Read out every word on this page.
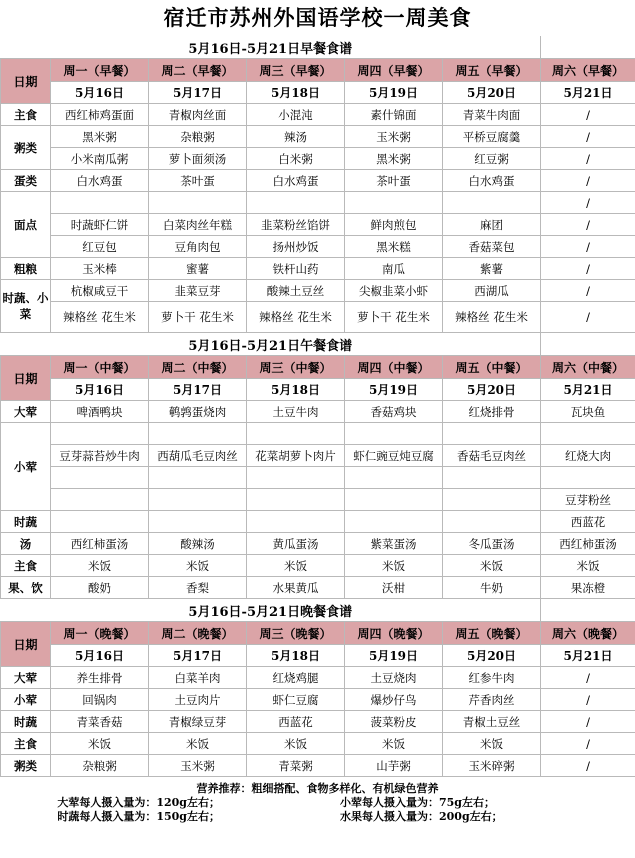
宿迁市苏州外国语学校一周美食
5月16日-5月21日早餐食谱						
日期	周一（早餐）	周二（早餐）	周三（早餐）	周四（早餐）	周五（早餐）	周六（早餐）
	5月16日	5月17日	5月18日	5月19日	5月20日	5月21日
主食	西红柿鸡蛋面	青椒肉丝面	小混沌	素什锦面	青菜牛肉面	/
粥类	黑米粥	杂粮粥	辣汤	玉米粥	平桥豆腐羹	/
	小米南瓜粥	萝卜面须汤	白米粥	黑米粥	红豆粥	/
蛋类	白水鸡蛋	茶叶蛋	白水鸡蛋	茶叶蛋	白水鸡蛋	/
面点						/
	时蔬虾仁饼	白菜肉丝年糕	韭菜粉丝馅饼	鲜肉煎包	麻团	/
	红豆包	豆角肉包	扬州炒饭	黑米糕	香菇菜包	/
粗粮	玉米棒	蜜薯	铁杆山药	南瓜	紫薯	/
时蔬、小菜	杭椒咸豆干	韭菜豆芽	酸辣土豆丝	尖椒韭菜小虾	西湖瓜	/
	辣格丝 花生米	萝卜干 花生米	辣格丝 花生米	萝卜干 花生米	辣格丝 花生米	/
5月16日-5月21日午餐食谱						
日期	周一（中餐）	周二（中餐）	周三（中餐）	周四（中餐）	周五（中餐）	周六（中餐）
	5月16日	5月17日	5月18日	5月19日	5月20日	5月21日
大荤	啤酒鸭块	鹌鹑蛋烧肉	土豆牛肉	香菇鸡块	红烧排骨	瓦块鱼
小荤						
	豆芽蒜苔炒牛肉	西葫瓜毛豆肉丝	花菜胡萝卜肉片	虾仁豌豆炖豆腐	香菇毛豆肉丝	红烧大肉

						豆芽粉丝
时蔬						西蓝花
汤	西红柿蛋汤	酸辣汤	黄瓜蛋汤	紫菜蛋汤	冬瓜蛋汤	西红柿蛋汤
主食	米饭	米饭	米饭	米饭	米饭	米饭
果、饮	酸奶	香梨	水果黄瓜	沃柑	牛奶	果冻橙
5月16日-5月21日晚餐食谱						
日期	周一（晚餐）	周二（晚餐）	周三（晚餐）	周四（晚餐）	周五（晚餐）	周六（晚餐）
	5月16日	5月17日	5月18日	5月19日	5月20日	5月21日
大荤	养生排骨	白菜羊肉	红烧鸡腿	土豆烧肉	红参牛肉	/
小荤	回锅肉	土豆肉片	虾仁豆腐	爆炒仔鸟	芹香肉丝	/
时蔬	青菜香菇	青椒绿豆芽	西蓝花	菠菜粉皮	青椒土豆丝	/
主食	米饭	米饭	米饭	米饭	米饭	/
粥类	杂粮粥	玉米粥	青菜粥	山芋粥	玉米碎粥	/
营养推荐：粗细搭配、食物多样化、有机绿色营养
大荤每人摄入量为：120g左右；	小荤每人摄入量为：75g左右；
时蔬每人摄入量为：150g左右；	水果每人摄入量为：200g左右；
